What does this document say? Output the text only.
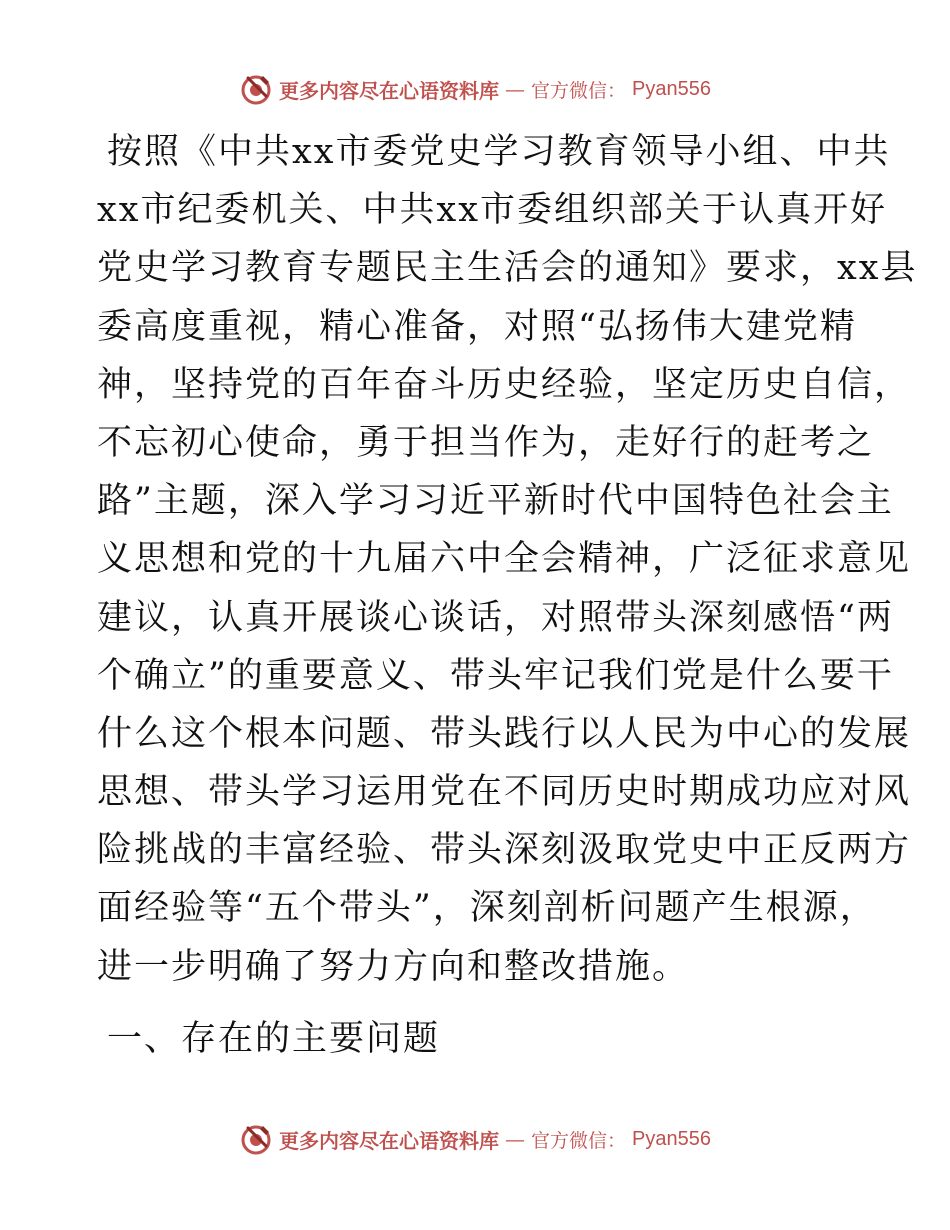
更多内容尽在心语资料库 — 官方微信： Pyan556
按照《中共xx市委党史学习教育领导小组、中共
xx市纪委机关、中共xx市委组织部关于认真开好
党史学习教育专题民主生活会的通知》要求，xx县
委高度重视，精心准备，对照“弘扬伟大建党精
神，坚持党的百年奋斗历史经验，坚定历史自信，
不忘初心使命，勇于担当作为，走好行的赶考之
路”主题，深入学习习近平新时代中国特色社会主
义思想和党的十九届六中全会精神，广泛征求意见
建议，认真开展谈心谈话，对照带头深刻感悟“两
个确立”的重要意义、带头牢记我们党是什么要干
什么这个根本问题、带头践行以人民为中心的发展
思想、带头学习运用党在不同历史时期成功应对风
险挑战的丰富经验、带头深刻汲取党史中正反两方
面经验等“五个带头”，深刻剖析问题产生根源，
进一步明确了努力方向和整改措施。
一、存在的主要问题
更多内容尽在心语资料库 — 官方微信： Pyan556
